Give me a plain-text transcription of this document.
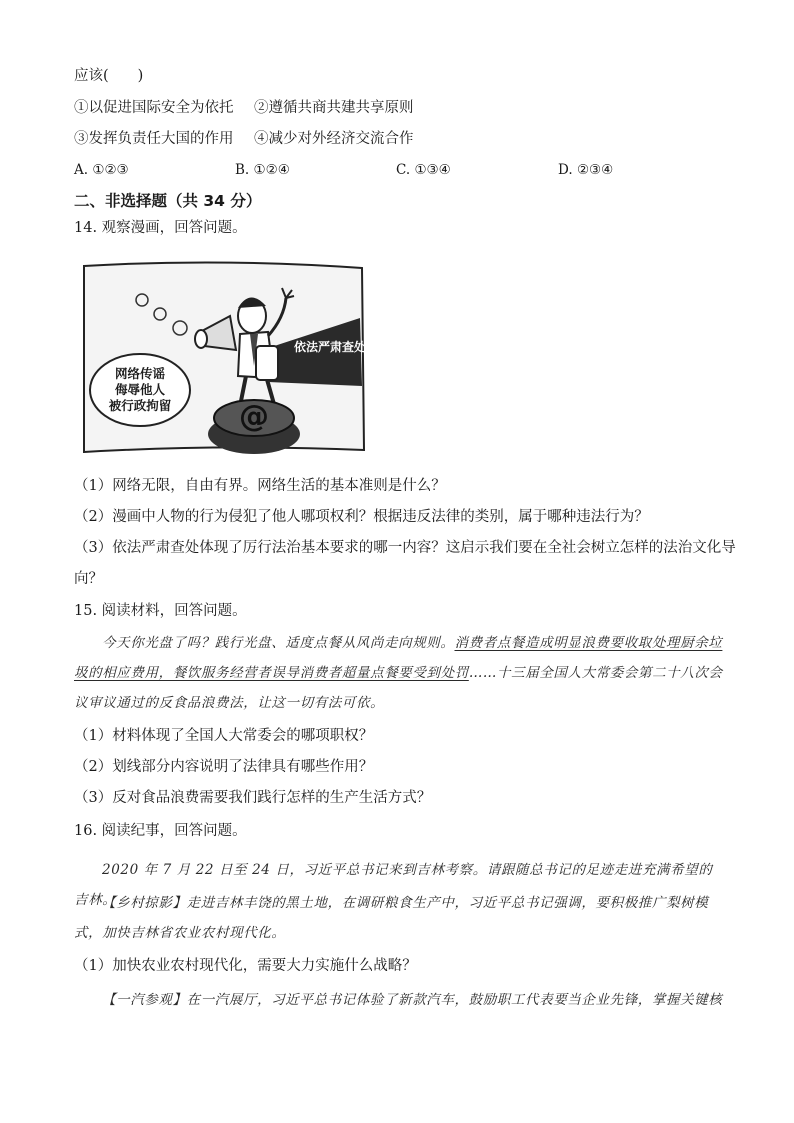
应该(　　)
①以促进国际安全为依托 ②遵循共商共建共享原则
③发挥负责任大国的作用 ④减少对外经济交流合作
A. ①②③	B. ①②④	C. ①③④	D. ②③④
二、非选择题（共 34 分）
14. 观察漫画，回答问题。
@
网络传谣
侮辱他人
被行政拘留
依法严肃查处
（1）网络无限，自由有界。网络生活的基本准则是什么？
（2）漫画中人物的行为侵犯了他人哪项权利？根据违反法律的类别，属于哪种违法行为？
（3）依法严肃查处体现了厉行法治基本要求的哪一内容？这启示我们要在全社会树立怎样的法治文化导
向？
15. 阅读材料，回答问题。
今天你光盘了吗？践行光盘、适度点餐从风尚走向规则。消费者点餐造成明显浪费要收取处理厨余垃圾的相应费用，餐饮服务经营者误导消费者超量点餐要受到处罚……十三届全国人大常委会第二十八次会议审议通过的反食品浪费法，让这一切有法可依。
（1）材料体现了全国人大常委会的哪项职权？
（2）划线部分内容说明了法律具有哪些作用？
（3）反对食品浪费需要我们践行怎样的生产生活方式？
16. 阅读纪事，回答问题。
2020 年 7 月 22 日至 24 日，习近平总书记来到吉林考察。请跟随总书记的足迹走进充满希望的吉林。
【乡村掠影】走进吉林丰饶的黑土地，在调研粮食生产中，习近平总书记强调，要积极推广梨树模式，加快吉林省农业农村现代化。
（1）加快农业农村现代化，需要大力实施什么战略？
【一汽参观】在一汽展厅，习近平总书记体验了新款汽车，鼓励职工代表要当企业先锋，掌握关键核
